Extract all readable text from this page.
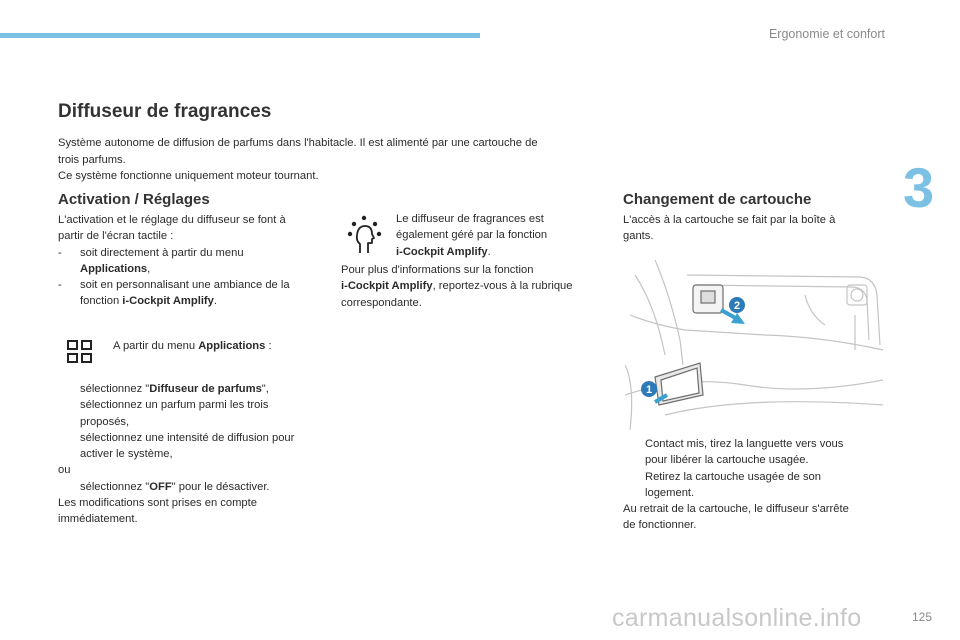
Ergonomie et confort
3
Diffuseur de fragrances

Système autonome de diffusion de parfums dans l'habitacle. Il est alimenté par une cartouche de

trois parfums.

Ce système fonctionne uniquement moteur tournant.

Activation / Réglages

L'activation et le réglage du diffuseur se font à

partir de l'écran tactile :

-	soit directement à partir du menu

Applications,

-	soit en personnalisant une ambiance de la

fonction i-Cockpit Amplify.

A partir du menu Applications :

sélectionnez "Diffuseur de parfums",

sélectionnez un parfum parmi les trois

proposés,

sélectionnez une intensité de diffusion pour

activer le système,

ou

sélectionnez "OFF" pour le désactiver.

Les modifications sont prises en compte

immédiatement.

Le diffuseur de fragrances est

également géré par la fonction

i-Cockpit Amplify.

Pour plus d'informations sur la fonction

i-Cockpit Amplify, reportez-vous à la rubrique

correspondante.

Changement de cartouche

L'accès à la cartouche se fait par la boîte à

gants.

2
1

Contact mis, tirez la languette vers vous

pour libérer la cartouche usagée.

Retirez la cartouche usagée de son

logement.

Au retrait de la cartouche, le diffuseur s'arrête

de fonctionner.

carmanualsonline.info	125
